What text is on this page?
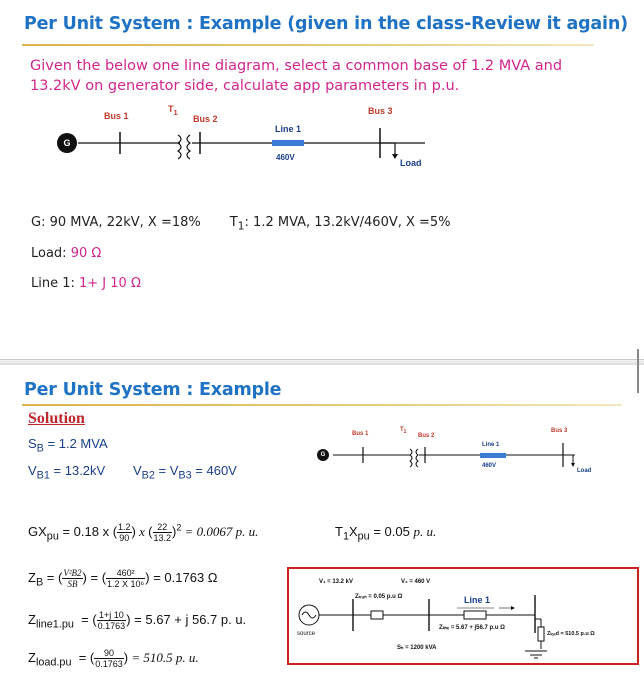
Per Unit System : Example (given in the class-Review it again)
Given the below one line diagram, select a common base of 1.2 MVA and
13.2kV on generator side, calculate app parameters in p.u.
G
Bus 1
$T_1$
Bus 2
Line 1
460V
Bus 3
Load
G: 90 MVA, 22kV, X =18% $T_1$: 1.2 MVA, 13.2kV/460V, X =5%
Load: 90 Ω
Line 1: 1+ J 10 Ω
Per Unit System : Example
Solution
$S_B = 1.2$ MVA
$V_{B1} = 13.2kV$ $V_{B2} = V_{B3} = 460V$
G
Bus 1
$T_1$
Bus 2
Line 1
460V
Bus 3
Load
$GX_{pu} = 0.18$ x ( $\frac{1.2}{90}$ ) x ( $\frac{22}{13.2} )^2 = 0.0067$ p. u.	$T_1X_{pu} = 0.05$ p. u.
$Z_B$ = ( $\frac{\text{V²B2}}{SB}$ ) = ( $\frac{\text{460²}}{\text{1.2 X 10⁶}}$ ) = 0.1763 Ω
$Z_{line1.pu}$  = ( $\frac{1+j 10}{0.1763}$ ) = 5.67 + j 56.7 p. u.
$Z_{load.pu}$  = ( $\frac{90}{0.1763}$ ) = 510.5 p. u.
V₁ = 13.2 kV	V₂ = 460 V
Zₜᵣₐₙ = 0.05 p.u Ω	Line 1
Zₗᵢₙₑ = 5.67 + j56.7 p.u Ω
Zₗₒₐd = 510.5 p.u Ω
source
Sₕ = 1200 kVA
